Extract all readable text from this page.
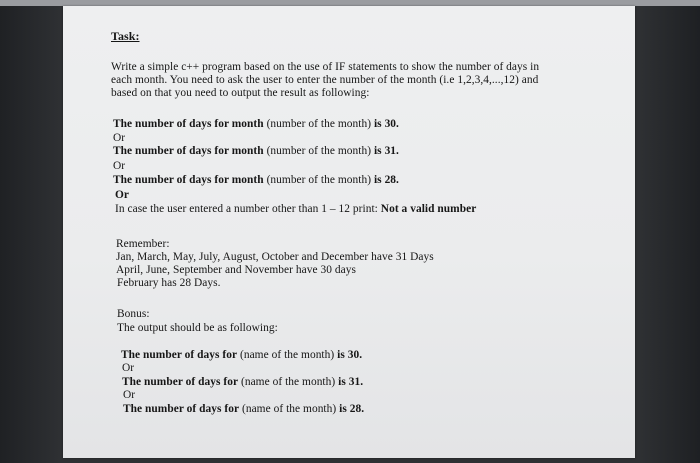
Task:
Write a simple c++ program based on the use of IF statements to show the number of days in
each month. You need to ask the user to enter the number of the month (i.e 1,2,3,4,...,12) and
based on that you need to output the result as following:
The number of days for month (number of the month) is 30.
Or
The number of days for month (number of the month) is 31.
Or
The number of days for month (number of the month) is 28.
Or
In case the user entered a number other than 1 – 12 print: Not a valid number
Remember:
Jan, March, May, July, August, October and December have 31 Days
April, June, September and November have 30 days
February has 28 Days.
Bonus:
The output should be as following:
The number of days for (name of the month) is 30.
Or
The number of days for (name of the month) is 31.
Or
The number of days for (name of the month) is 28.
